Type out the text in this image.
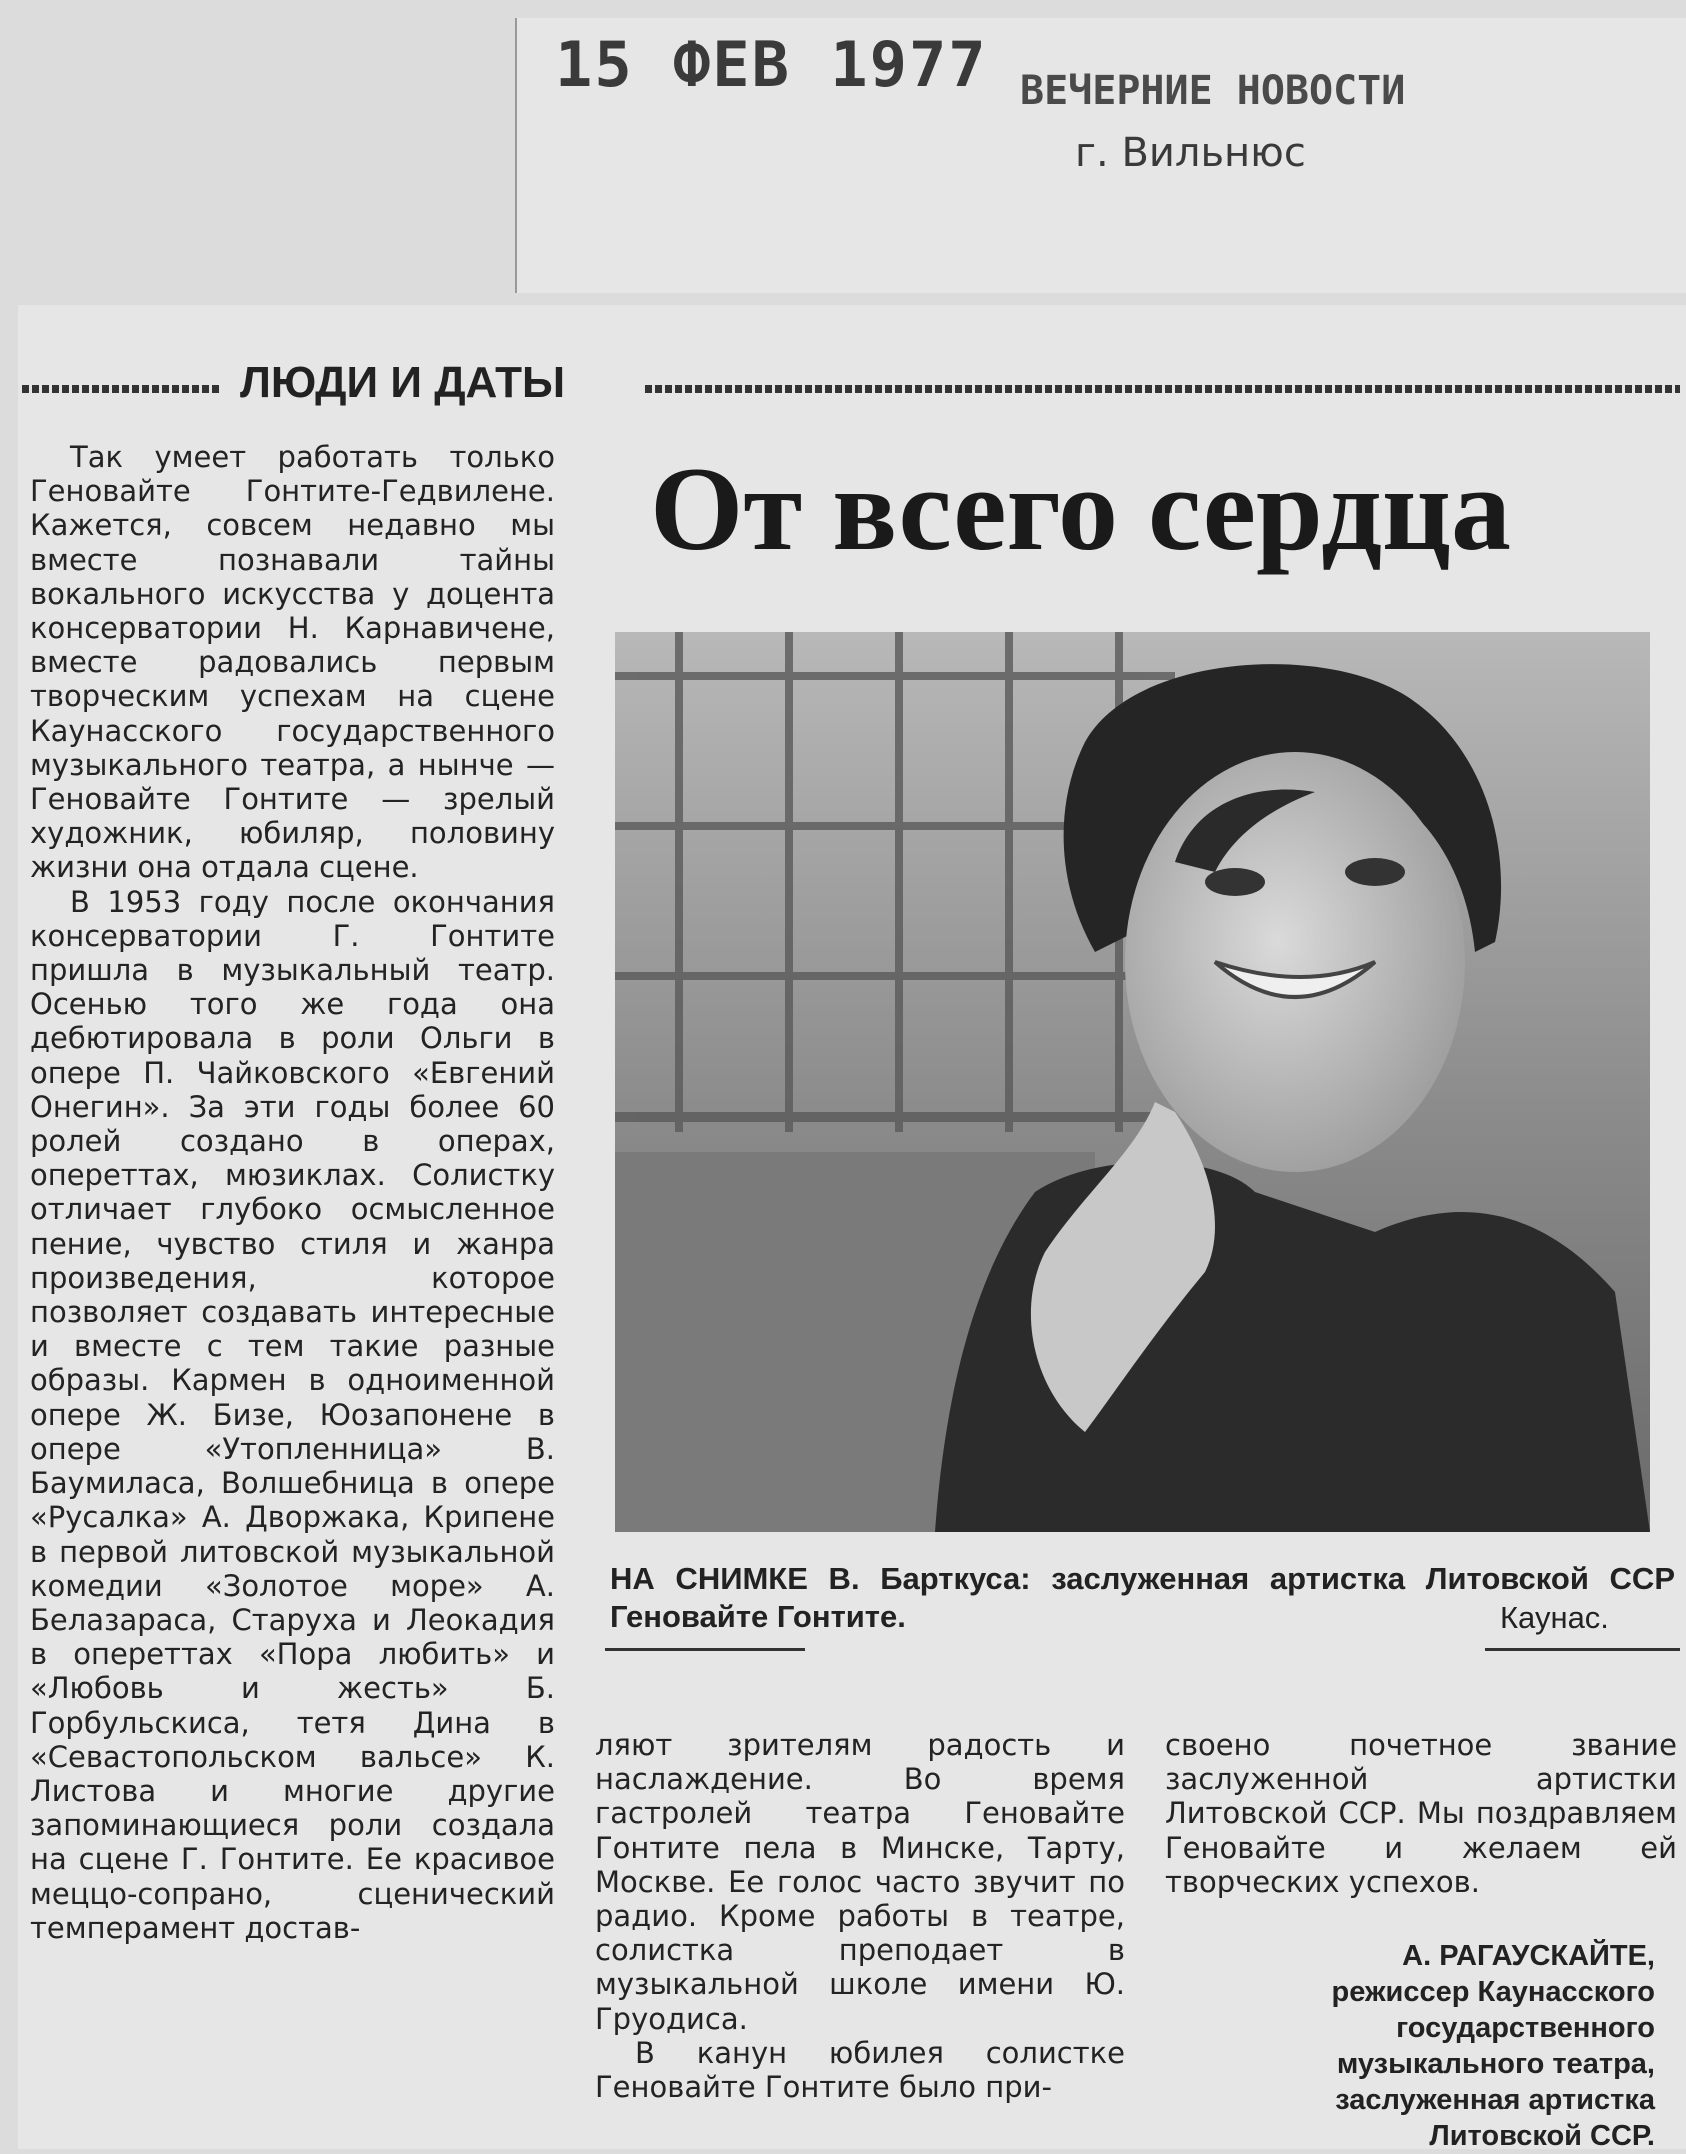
15 ФЕВ 1977 ВЕЧЕРНИЕ НОВОСТИ
г. Вильнюс
ЛЮДИ И ДАТЫ
От всего сердца

Так умеет работать только Геновайте Гонтите-Гедвилене. Кажется, совсем недавно мы вместе познавали тайны вокального искусства у доцента консерватории Н. Карнавичене, вместе радовались первым творческим успехам на сцене Каунасского государственного музыкального театра, а нынче — Геновайте Гонтите — зрелый художник, юбиляр, половину жизни она отдала сцене.

В 1953 году после окончания консерватории Г. Гонтите пришла в музыкальный театр. Осенью того же года она дебютировала в роли Ольги в опере П. Чайковского «Евгений Онегин». За эти годы более 60 ролей создано в операх, опереттах, мюзиклах. Солистку отличает глубоко осмысленное пение, чувство стиля и жанра произведения, которое позволяет создавать интересные и вместе с тем такие разные образы. Кармен в одноименной опере Ж. Бизе, Юозапонене в опере «Утопленница» В. Баумиласа, Волшебница в опере «Русалка» А. Дворжака, Крипене в первой литовской музыкальной комедии «Золотое море» А. Белазараса, Старуха и Леокадия в опереттах «Пора любить» и «Любовь и жесть» Б. Горбульскиса, тетя Дина в «Севастопольском вальсе» К. Листова и многие другие запоминающиеся роли создала на сцене Г. Гонтите. Ее красивое меццо-сопрано, сценический темперамент достав-

НА СНИМКЕ В. Барткуса: заслуженная артистка Литовской ССР Геновайте Гонтите.	Каунас.

ляют зрителям радость и наслаждение. Во время гастролей театра Геновайте Гонтите пела в Минске, Тарту, Москве. Ее голос часто звучит по радио. Кроме работы в театре, солистка преподает в музыкальной школе имени Ю. Груодиса.

В канун юбилея солистке Геновайте Гонтите было при-

своено почетное звание заслуженной артистки Литовской ССР. Мы поздравляем Геновайте и желаем ей творческих успехов.

А. РАГАУСКАЙТЕ,
режиссер Каунасского
государственного
музыкального театра,
заслуженная артистка
Литовской ССР.
